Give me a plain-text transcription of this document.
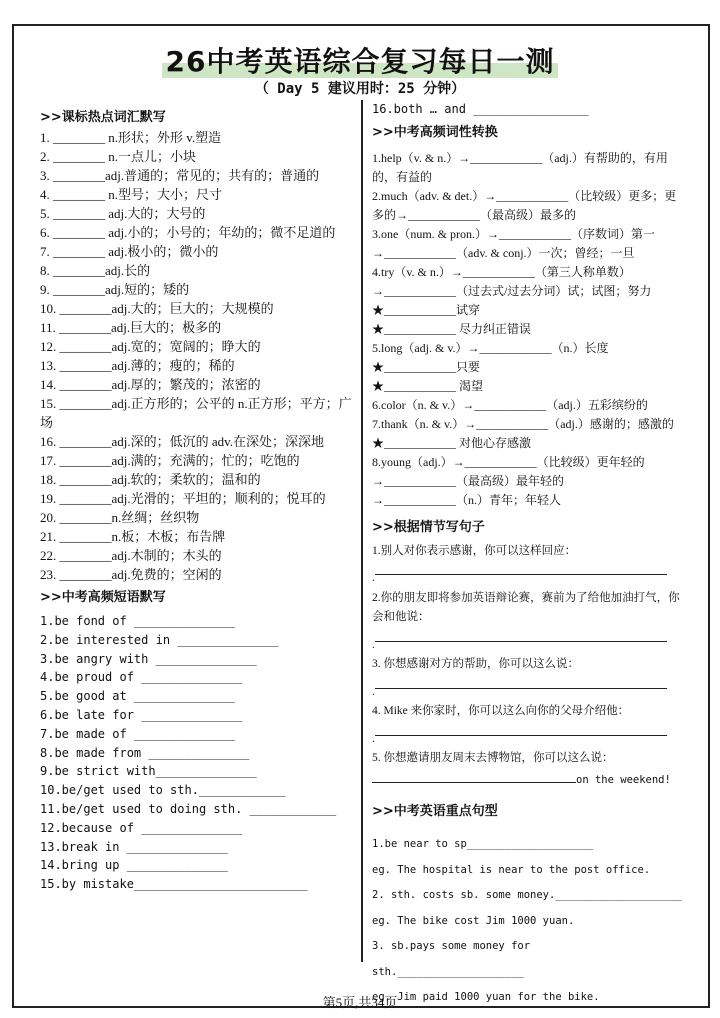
26中考英语综合复习每日一测
（ Day 5 建议用时：25 分钟）
>>课标热点词汇默写
1. ________ n.形状；外形 v.塑造
2. ________ n.一点儿；小块
3. ________adj.普通的；常见的；共有的；普通的
4. ________ n.型号；大小；尺寸
5. ________ adj.大的；大号的
6. ________ adj.小的；小号的；年幼的；微不足道的
7. ________ adj.极小的；微小的
8. ________adj.长的
9. ________adj.短的；矮的
10. ________adj.大的；巨大的；大规模的
11. ________adj.巨大的；极多的
12. ________adj.宽的；宽阔的；睁大的
13. ________adj.薄的；瘦的；稀的
14. ________adj.厚的；繁茂的；浓密的
15. ________adj.正方形的；公平的 n.正方形；平方；广场
16. ________adj.深的；低沉的 adv.在深处；深深地
17. ________adj.满的；充满的；忙的；吃饱的
18. ________adj.软的；柔软的；温和的
19. ________adj.光滑的；平坦的；顺利的；悦耳的
20. ________n.丝绸；丝织物
21. ________n.板；木板；布告牌
22. ________adj.木制的；木头的
23. ________adj.免费的；空闲的
>>中考高频短语默写
1.be fond of ______________
2.be interested in ______________
3.be angry with ______________
4.be proud of ______________
5.be good at ______________
6.be late for ______________
7.be made of ______________
8.be made from ______________
9.be strict with______________
10.be/get used to sth.____________
11.be/get used to doing sth. ____________
12.because of ______________
13.break in ______________
14.bring up ______________
15.by mistake________________________
16.both … and ________________
>>中考高频词性转换
1.help（v. & n.）→____________（adj.）有帮助的，有用的，有益的
2.much（adv. & det.）→____________（比较级）更多；更多的→____________（最高级）最多的
3.one（num. & pron.）→____________（序数词）第一→____________（adv. & conj.）一次；曾经；一旦
4.try（v. & n.）→____________（第三人称单数）→____________（过去式/过去分词）试；试图；努力
★____________试穿
★____________ 尽力纠正错误
5.long（adj. & v.）→____________（n.）长度
★____________只要
★____________ 渴望
6.color（n. & v.）→____________（adj.）五彩缤纷的
7.thank（n. & v.）→____________（adj.）感谢的；感激的
★____________ 对他心存感激
8.young（adj.）→____________（比较级）更年轻的→____________（最高级）最年轻的
→____________（n.）青年；年轻人
>>根据情节写句子
1.别人对你表示感谢，你可以这样回应：
.
2.你的朋友即将参加英语辩论赛，赛前为了给他加油打气，你会和他说：
.
3. 你想感谢对方的帮助，你可以这么说：
.
4. Mike 来你家时，你可以这么向你的父母介绍他：
.
5. 你想邀请朋友周末去博物馆，你可以这么说：
on the weekend!
>>中考英语重点句型
1.be near to sp____________________
eg. The hospital is near to the post office.
2. sth. costs sb. some money.____________________
eg. The bike cost Jim 1000 yuan.
3. sb.pays some money for sth.____________________
eg. Jim paid 1000 yuan for the bike.
第5页,共34页
